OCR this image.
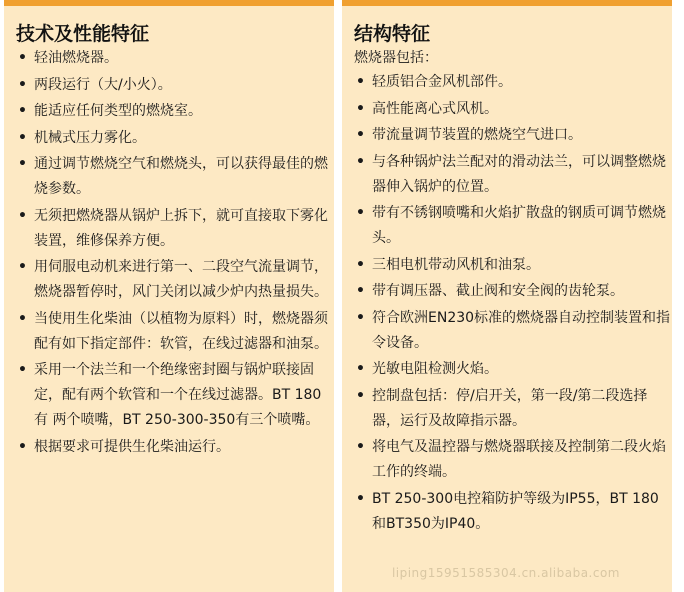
技术及性能特征
• 轻油燃烧器。
• 两段运行（大/小火）。
• 能适应任何类型的燃烧室。
• 机械式压力雾化。
• 通过调节燃烧空气和燃烧头，可以获得最佳的燃烧参数。
• 无须把燃烧器从锅炉上拆下，就可直接取下雾化装置，维修保养方便。
• 用伺服电动机来进行第一、二段空气流量调节，燃烧器暂停时，风门关闭以减少炉内热量损失。
• 当使用生化柴油（以植物为原料）时，燃烧器须配有如下指定部件：软管，在线过滤器和油泵。
• 采用一个法兰和一个绝缘密封圈与锅炉联接固定，配有两个软管和一个在线过滤器。BT 180有 两个喷嘴，BT 250-300-350有三个喷嘴。
• 根据要求可提供生化柴油运行。
结构特征
燃烧器包括：
• 轻质铝合金风机部件。
• 高性能离心式风机。
• 带流量调节装置的燃烧空气进口。
• 与各种锅炉法兰配对的滑动法兰，可以调整燃烧器伸入锅炉的位置。
• 带有不锈钢喷嘴和火焰扩散盘的钢质可调节燃烧头。
• 三相电机带动风机和油泵。
• 带有调压器、截止阀和安全阀的齿轮泵。
• 符合欧洲EN230标准的燃烧器自动控制装置和指令设备。
• 光敏电阻检测火焰。
• 控制盘包括：停/启开关，第一段/第二段选择器，运行及故障指示器。
• 将电气及温控器与燃烧器联接及控制第二段火焰工作的终端。
• BT 250-300电控箱防护等级为IP55，BT 180和BT350为IP40。
liping15951585304.cn.alibaba.com
